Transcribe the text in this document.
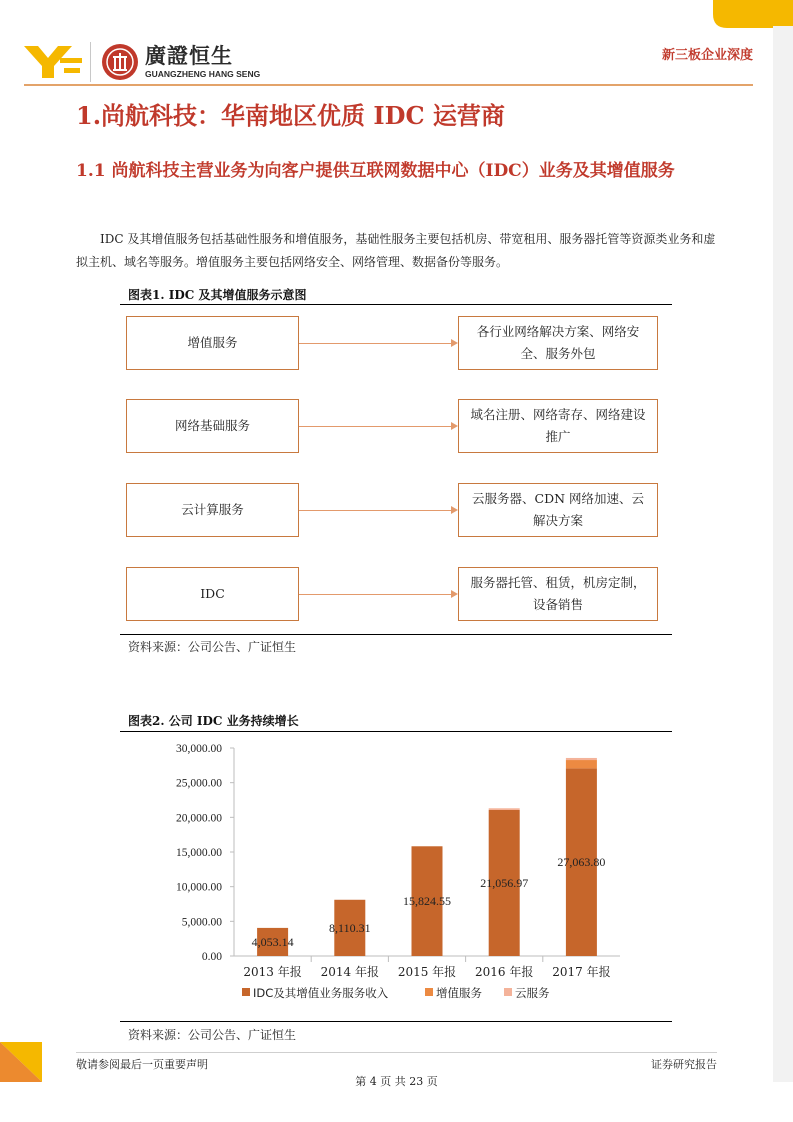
廣證恒生
GUANGZHENG HANG SENG
新三板企业深度
1.尚航科技：华南地区优质 IDC 运营商
1.1 尚航科技主营业务为向客户提供互联网数据中心（IDC）业务及其增值服务
IDC 及其增值服务包括基础性服务和增值服务，基础性服务主要包括机房、带宽租用、服务器托管等资源类业务和虚拟主机、域名等服务。增值服务主要包括网络安全、网络管理、数据备份等服务。
图表1. IDC 及其增值服务示意图
增值服务
各行业网络解决方案、网络安全、服务外包
网络基础服务
域名注册、网络寄存、网络建设推广
云计算服务
云服务器、CDN 网络加速、云解决方案
IDC
服务器托管、租赁，机房定制，设备销售
资料来源：公司公告、广证恒生
图表2. 公司 IDC 业务持续增长
0.00
5,000.00
10,000.00
15,000.00
20,000.00
25,000.00
30,000.00
4,053.14
8,110.31
15,824.55
21,056.97
27,063.80
2013 年报 2014 年报 2015 年报 2016 年报 2017 年报
IDC及其增值业务服务收入	增值服务	云服务
资料来源：公司公告、广证恒生
敬请参阅最后一页重要声明	证券研究报告
第 4 页 共 23 页
